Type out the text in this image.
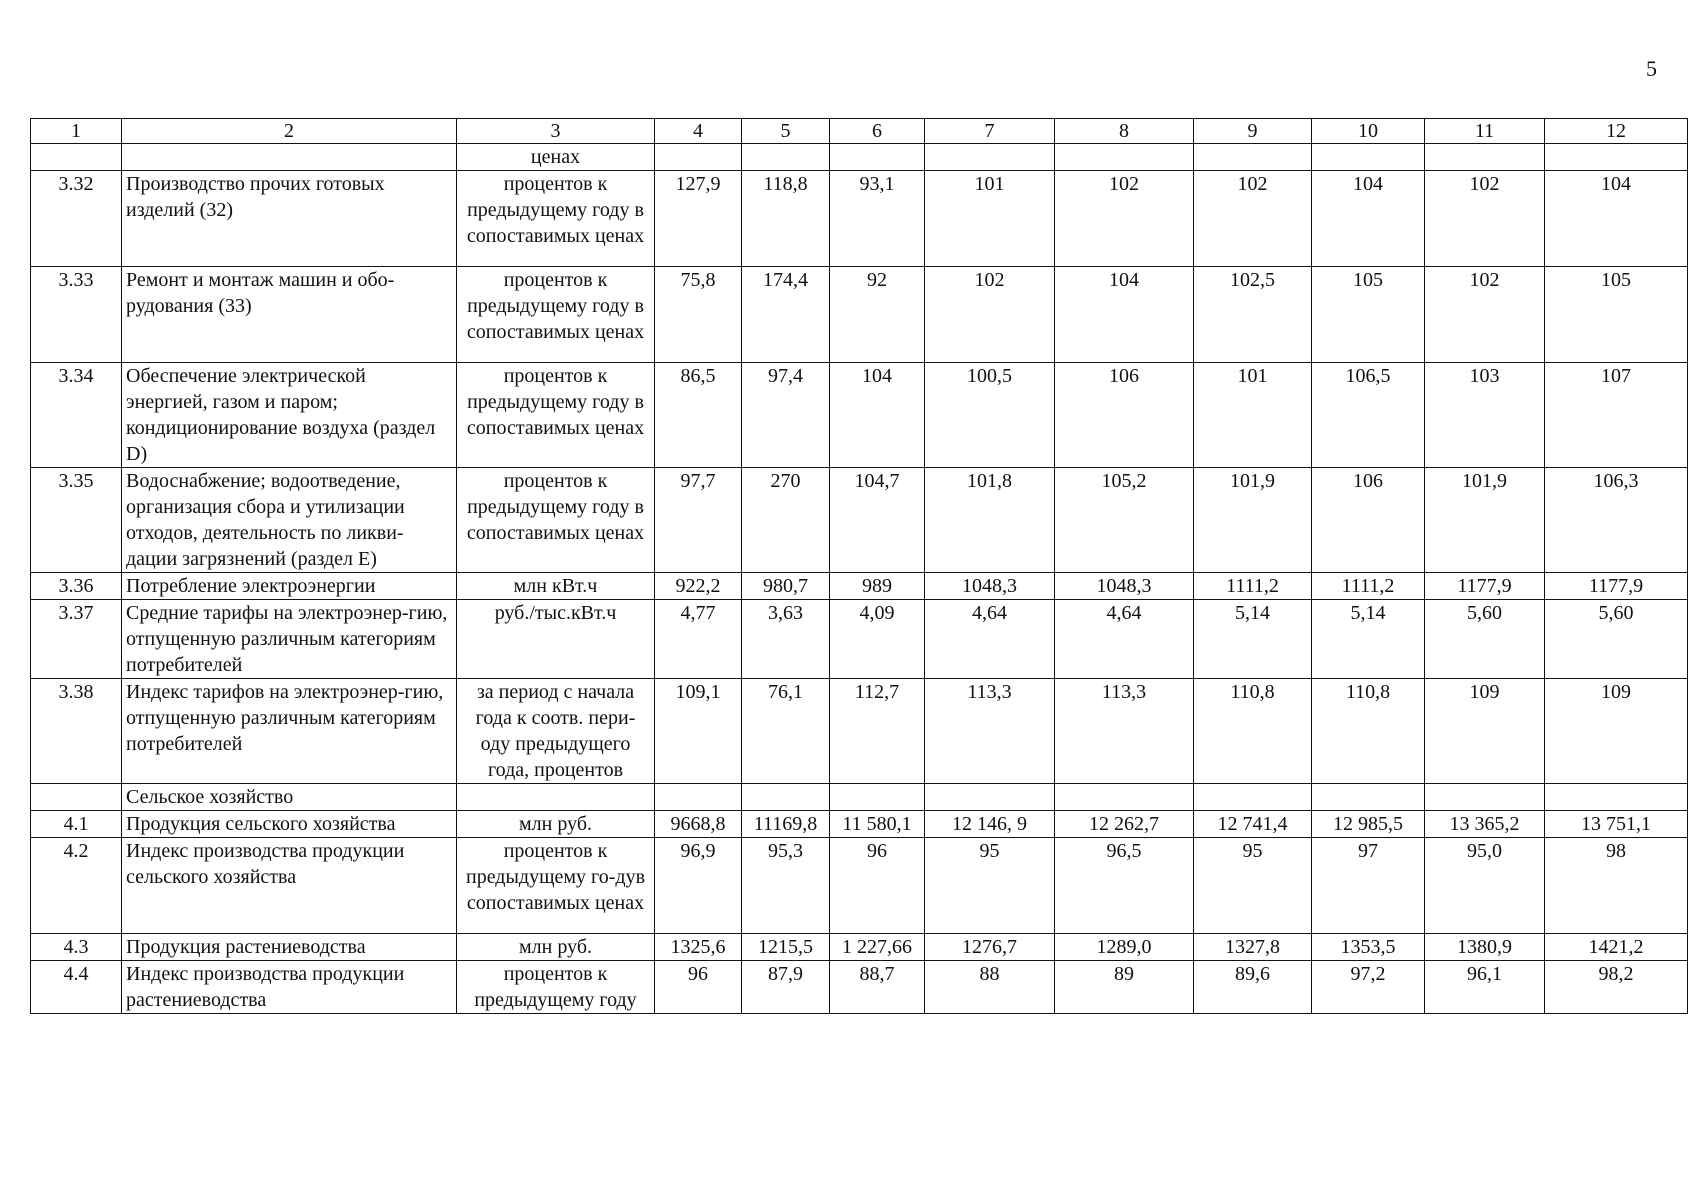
5
1	2	3	4	5	6	7	8	9	10	11	12
		ценах									
3.32	Производство прочих готовых изделий (32)	процентов к предыдущему году в сопоставимых ценах	127,9	118,8	93,1	101	102	102	104	102	104
3.33	Ремонт и монтаж машин и обо-рудования (33)	процентов к предыдущему году в сопоставимых ценах	75,8	174,4	92	102	104	102,5	105	102	105
3.34	Обеспечение электрической энергией, газом и паром; кондиционирование воздуха (раздел D)	процентов к предыдущему году в сопоставимых ценах	86,5	97,4	104	100,5	106	101	106,5	103	107
3.35	Водоснабжение; водоотведение, организация сбора и утилизации отходов, деятельность по ликви-дации загрязнений (раздел E)	процентов к предыдущему году в сопоставимых ценах	97,7	270	104,7	101,8	105,2	101,9	106	101,9	106,3
3.36	Потребление электроэнергии	млн кВт.ч	922,2	980,7	989	1048,3	1048,3	1111,2	1111,2	1177,9	1177,9
3.37	Средние тарифы на электроэнер-гию, отпущенную различным категориям потребителей	руб./тыс.кВт.ч	4,77	3,63	4,09	4,64	4,64	5,14	5,14	5,60	5,60
3.38	Индекс тарифов на электроэнер-гию, отпущенную различным категориям потребителей	за период с начала года к соотв. пери-оду предыдущего года, процентов	109,1	76,1	112,7	113,3	113,3	110,8	110,8	109	109
	Сельское хозяйство										
4.1	Продукция сельского хозяйства	млн руб.	9668,8	11169,8	11 580,1	12 146, 9	12 262,7	12 741,4	12 985,5	13 365,2	13 751,1
4.2	Индекс производства продукции сельского хозяйства	процентов к предыдущему го-дув сопоставимых ценах	96,9	95,3	96	95	96,5	95	97	95,0	98
4.3	Продукция растениеводства	млн руб.	1325,6	1215,5	1 227,66	1276,7	1289,0	1327,8	1353,5	1380,9	1421,2
4.4	Индекс производства продукции растениеводства	процентов к предыдущему году	96	87,9	88,7	88	89	89,6	97,2	96,1	98,2
